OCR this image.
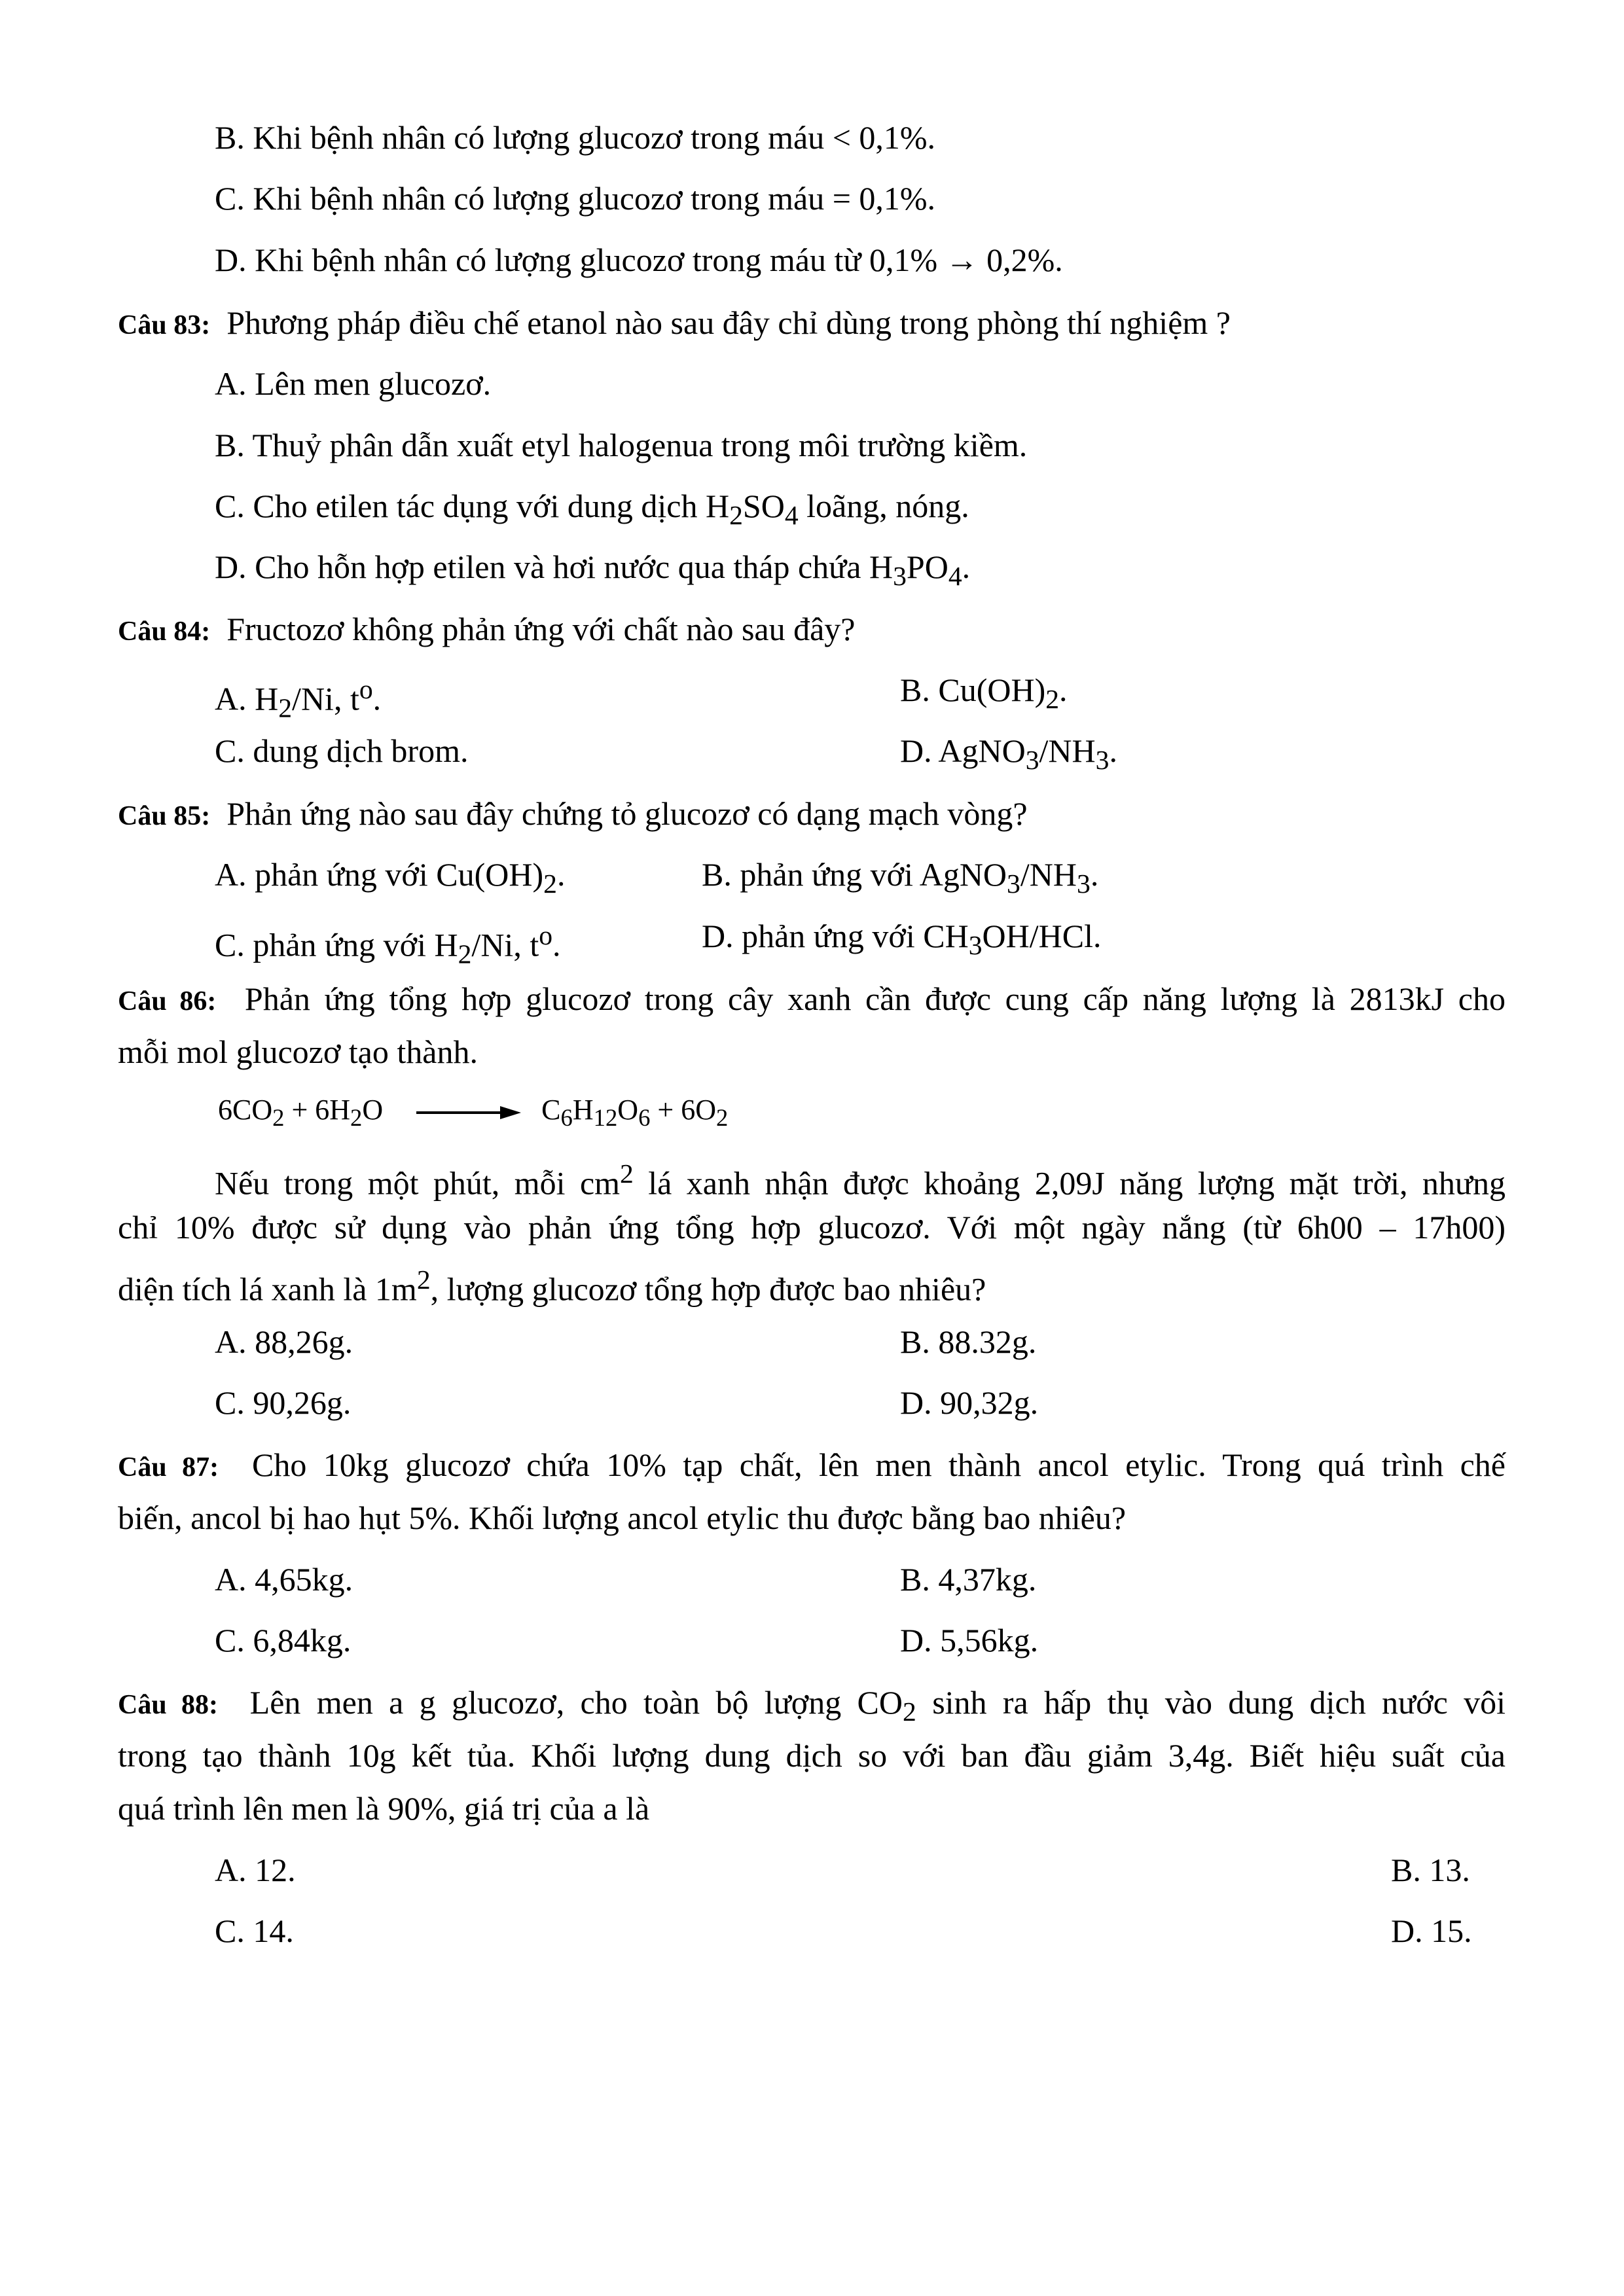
B. Khi bệnh nhân có lượng glucozơ trong máu < 0,1%.
C. Khi bệnh nhân có lượng glucozơ trong máu = 0,1%.
D. Khi bệnh nhân có lượng glucozơ trong máu từ 0,1% → 0,2%.
Câu 83: Phương pháp điều chế etanol nào sau đây chỉ dùng trong phòng thí nghiệm ?
A. Lên men glucozơ.
B. Thuỷ phân dẫn xuất etyl halogenua trong môi trường kiềm.
C. Cho etilen tác dụng với dung dịch $H_2SO_4$ loãng, nóng.
D. Cho hỗn hợp etilen và hơi nước qua tháp chứa $H_3PO_4$.
Câu 84: Fructozơ không phản ứng với chất nào sau đây?
A. $H_2/Ni$, $t^o$.	B. $Cu(OH)_2$.
C. dung dịch brom.	D. $AgNO_3/NH_3$.
Câu 85: Phản ứng nào sau đây chứng tỏ glucozơ có dạng mạch vòng?
A. phản ứng với $Cu(OH)_2$.	B. phản ứng với $AgNO_3/NH_3$.
C. phản ứng với $H_2/Ni$, $t^o$.	D. phản ứng với $CH_3OH$/HCl.
Câu 86: Phản ứng tổng hợp glucozơ trong cây xanh cần được cung cấp năng lượng là 2813kJ cho
mỗi mol glucozơ tạo thành.
$6CO_2 + 6H_2O \to C_6H_{12}O_6 + 6O_2$
Nếu trong một phút, mỗi $cm^2$ lá xanh nhận được khoảng 2,09J năng lượng mặt trời, nhưng
chỉ 10% được sử dụng vào phản ứng tổng hợp glucozơ. Với một ngày nắng (từ 6h00 – 17h00)
diện tích lá xanh là $1m^2$, lượng glucozơ tổng hợp được bao nhiêu?
A. 88,26g.	B. 88.32g.
C. 90,26g.	D. 90,32g.
Câu 87: Cho 10kg glucozơ chứa 10% tạp chất, lên men thành ancol etylic. Trong quá trình chế
biến, ancol bị hao hụt 5%. Khối lượng ancol etylic thu được bằng bao nhiêu?
A. 4,65kg.	B. 4,37kg.
C. 6,84kg.	D. 5,56kg.
Câu 88: Lên men a g glucozơ, cho toàn bộ lượng $CO_2$ sinh ra hấp thụ vào dung dịch nước vôi
trong tạo thành 10g kết tủa. Khối lượng dung dịch so với ban đầu giảm 3,4g. Biết hiệu suất của
quá trình lên men là 90%, giá trị của a là
A. 12.	B. 13.
C. 14.	D. 15.
